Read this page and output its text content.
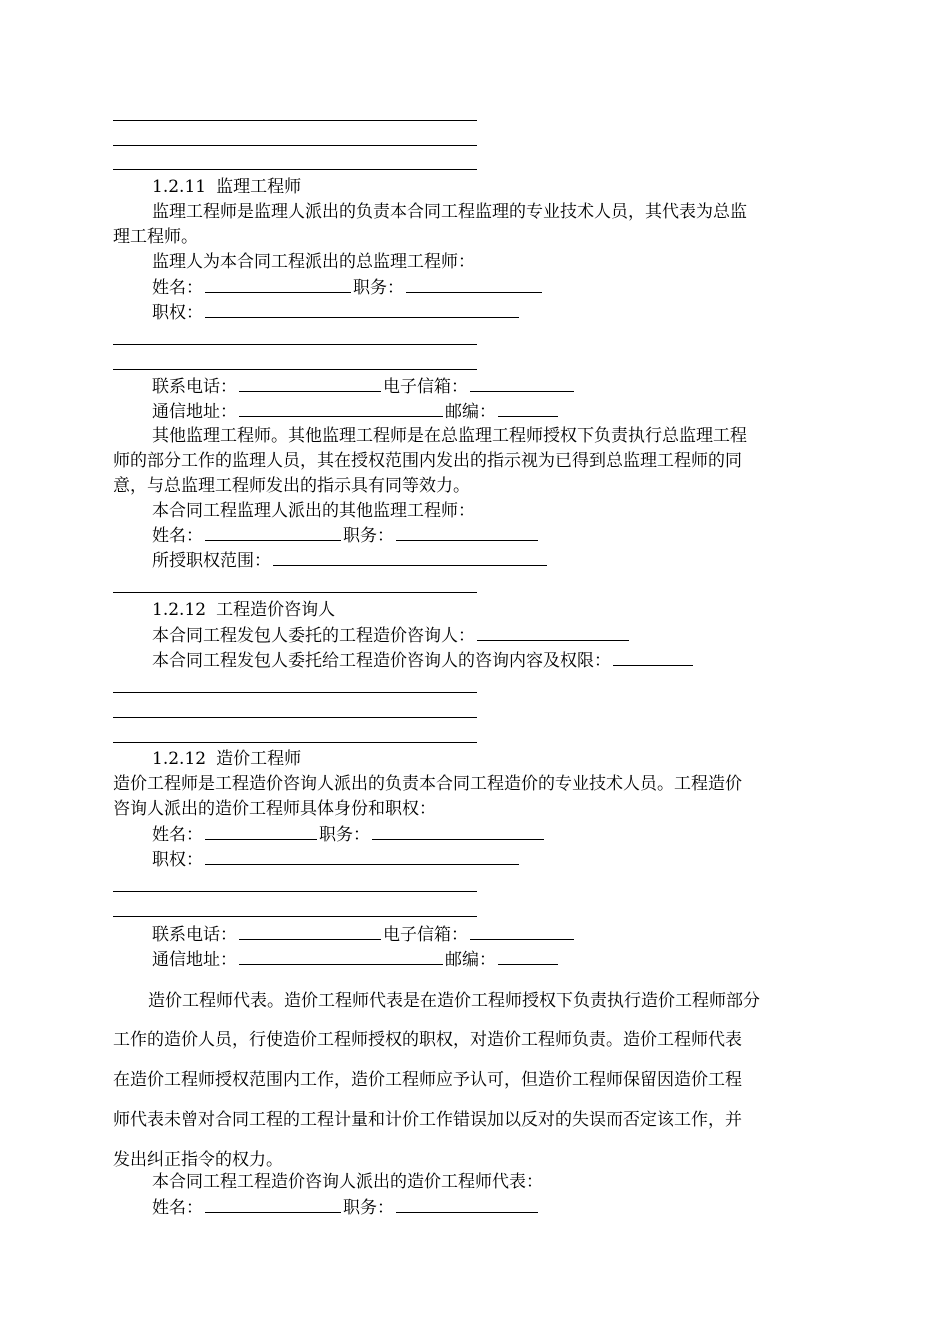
1.2.11 监理工程师
监理工程师是监理人派出的负责本合同工程监理的专业技术人员，其代表为总监
理工程师。
监理人为本合同工程派出的总监理工程师：
姓名：	职务：
职权：
联系电话：	电子信箱：
通信地址：	邮编：
其他监理工程师。其他监理工程师是在总监理工程师授权下负责执行总监理工程
师的部分工作的监理人员，其在授权范围内发出的指示视为已得到总监理工程师的同
意，与总监理工程师发出的指示具有同等效力。
本合同工程监理人派出的其他监理工程师：
姓名：	职务：
所授职权范围：
1.2.12 工程造价咨询人
本合同工程发包人委托的工程造价咨询人：
本合同工程发包人委托给工程造价咨询人的咨询内容及权限：
1.2.12 造价工程师
造价工程师是工程造价咨询人派出的负责本合同工程造价的专业技术人员。工程造价
咨询人派出的造价工程师具体身份和职权：
姓名：	职务：
职权：
联系电话：	电子信箱：
通信地址：	邮编：
造价工程师代表。造价工程师代表是在造价工程师授权下负责执行造价工程师部分
工作的造价人员，行使造价工程师授权的职权，对造价工程师负责。造价工程师代表
在造价工程师授权范围内工作，造价工程师应予认可，但造价工程师保留因造价工程
师代表未曾对合同工程的工程计量和计价工作错误加以反对的失误而否定该工作，并
发出纠正指令的权力。
本合同工程工程造价咨询人派出的造价工程师代表：
姓名：	职务：
